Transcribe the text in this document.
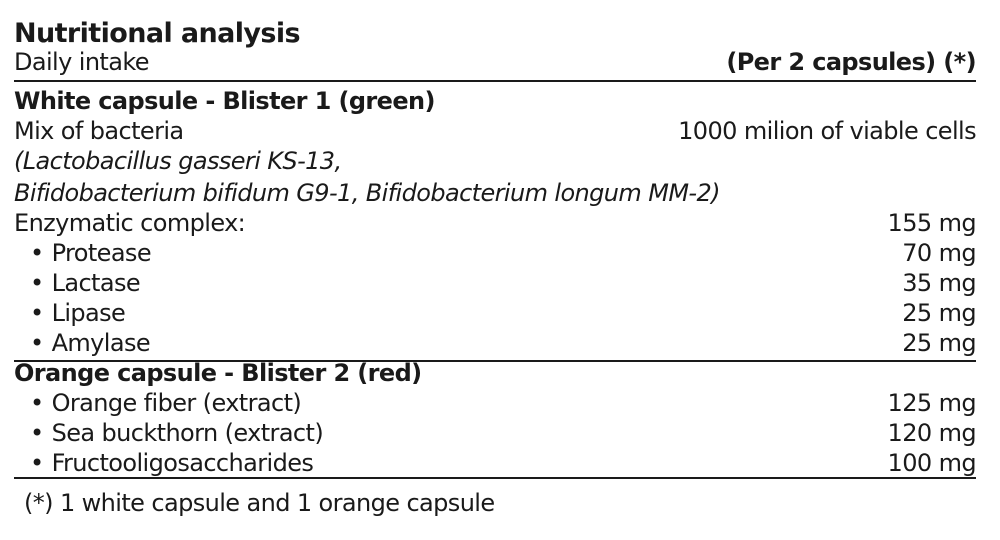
Nutritional analysis
Daily intake	(Per 2 capsules) (*)
White capsule - Blister 1 (green)
Mix of bacteria	1000 milion of viable cells
(Lactobacillus gasseri KS-13,
Bifidobacterium bifidum G9-1, Bifidobacterium longum MM-2)
Enzymatic complex:	155 mg
• Protease	70 mg
• Lactase	35 mg
• Lipase	25 mg
• Amylase	25 mg
Orange capsule - Blister 2 (red)
• Orange fiber (extract)	125 mg
• Sea buckthorn (extract)	120 mg
• Fructooligosaccharides	100 mg
(*) 1 white capsule and 1 orange capsule
